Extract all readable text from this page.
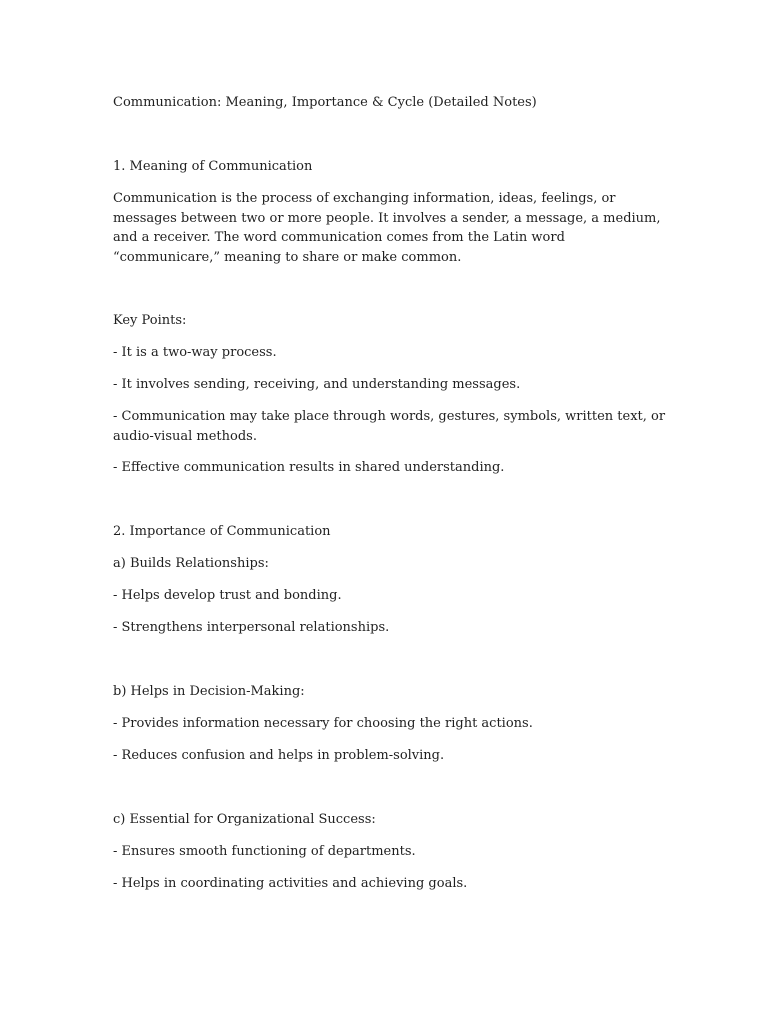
Communication: Meaning, Importance & Cycle (Detailed Notes)

1. Meaning of Communication

Communication is the process of exchanging information, ideas, feelings, or messages between two or more people. It involves a sender, a message, a medium, and a receiver. The word communication comes from the Latin word “communicare,” meaning to share or make common.

Key Points:

- It is a two-way process.

- It involves sending, receiving, and understanding messages.

- Communication may take place through words, gestures, symbols, written text, or audio-visual methods.

- Effective communication results in shared understanding.

2. Importance of Communication

a) Builds Relationships:

- Helps develop trust and bonding.

- Strengthens interpersonal relationships.

b) Helps in Decision-Making:

- Provides information necessary for choosing the right actions.

- Reduces confusion and helps in problem-solving.

c) Essential for Organizational Success:

- Ensures smooth functioning of departments.

- Helps in coordinating activities and achieving goals.
